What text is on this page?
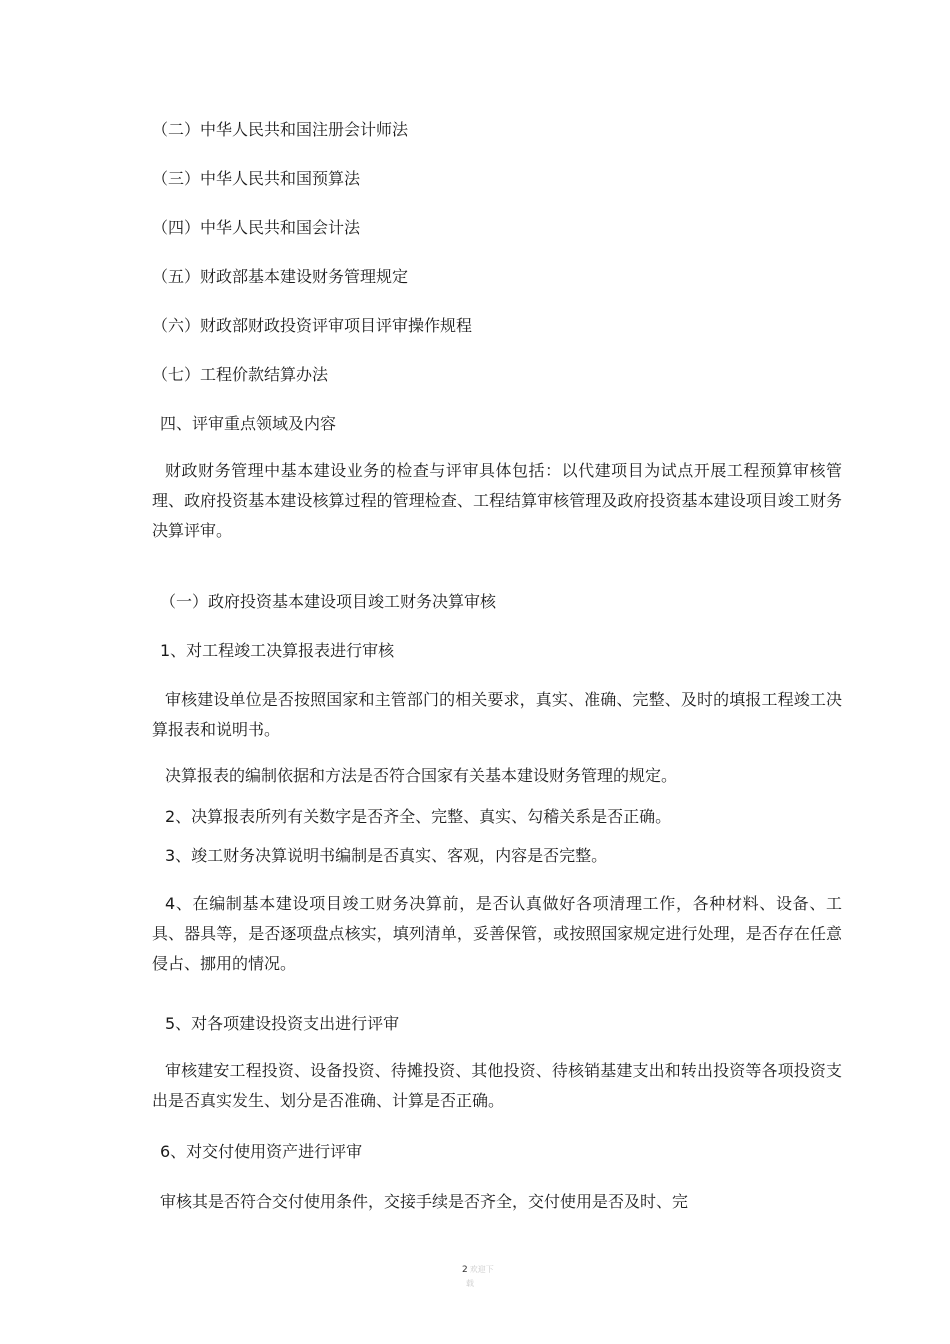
（二）中华人民共和国注册会计师法
（三）中华人民共和国预算法
（四）中华人民共和国会计法
（五）财政部基本建设财务管理规定
（六）财政部财政投资评审项目评审操作规程
（七）工程价款结算办法
四、评审重点领域及内容
财政财务管理中基本建设业务的检查与评审具体包括：以代建项目为试点开展工程预算审核管理、政府投资基本建设核算过程的管理检查、工程结算审核管理及政府投资基本建设项目竣工财务决算评审。
（一）政府投资基本建设项目竣工财务决算审核
1、对工程竣工决算报表进行审核
审核建设单位是否按照国家和主管部门的相关要求，真实、准确、完整、及时的填报工程竣工决算报表和说明书。
决算报表的编制依据和方法是否符合国家有关基本建设财务管理的规定。
2、决算报表所列有关数字是否齐全、完整、真实、勾稽关系是否正确。
3、竣工财务决算说明书编制是否真实、客观，内容是否完整。
4、在编制基本建设项目竣工财务决算前，是否认真做好各项清理工作，各种材料、设备、工具、器具等，是否逐项盘点核实，填列清单，妥善保管，或按照国家规定进行处理，是否存在任意侵占、挪用的情况。
5、对各项建设投资支出进行评审
审核建安工程投资、设备投资、待摊投资、其他投资、待核销基建支出和转出投资等各项投资支出是否真实发生、划分是否准确、计算是否正确。
6、对交付使用资产进行评审
审核其是否符合交付使用条件，交接手续是否齐全，交付使用是否及时、完
2 欢迎下
载
